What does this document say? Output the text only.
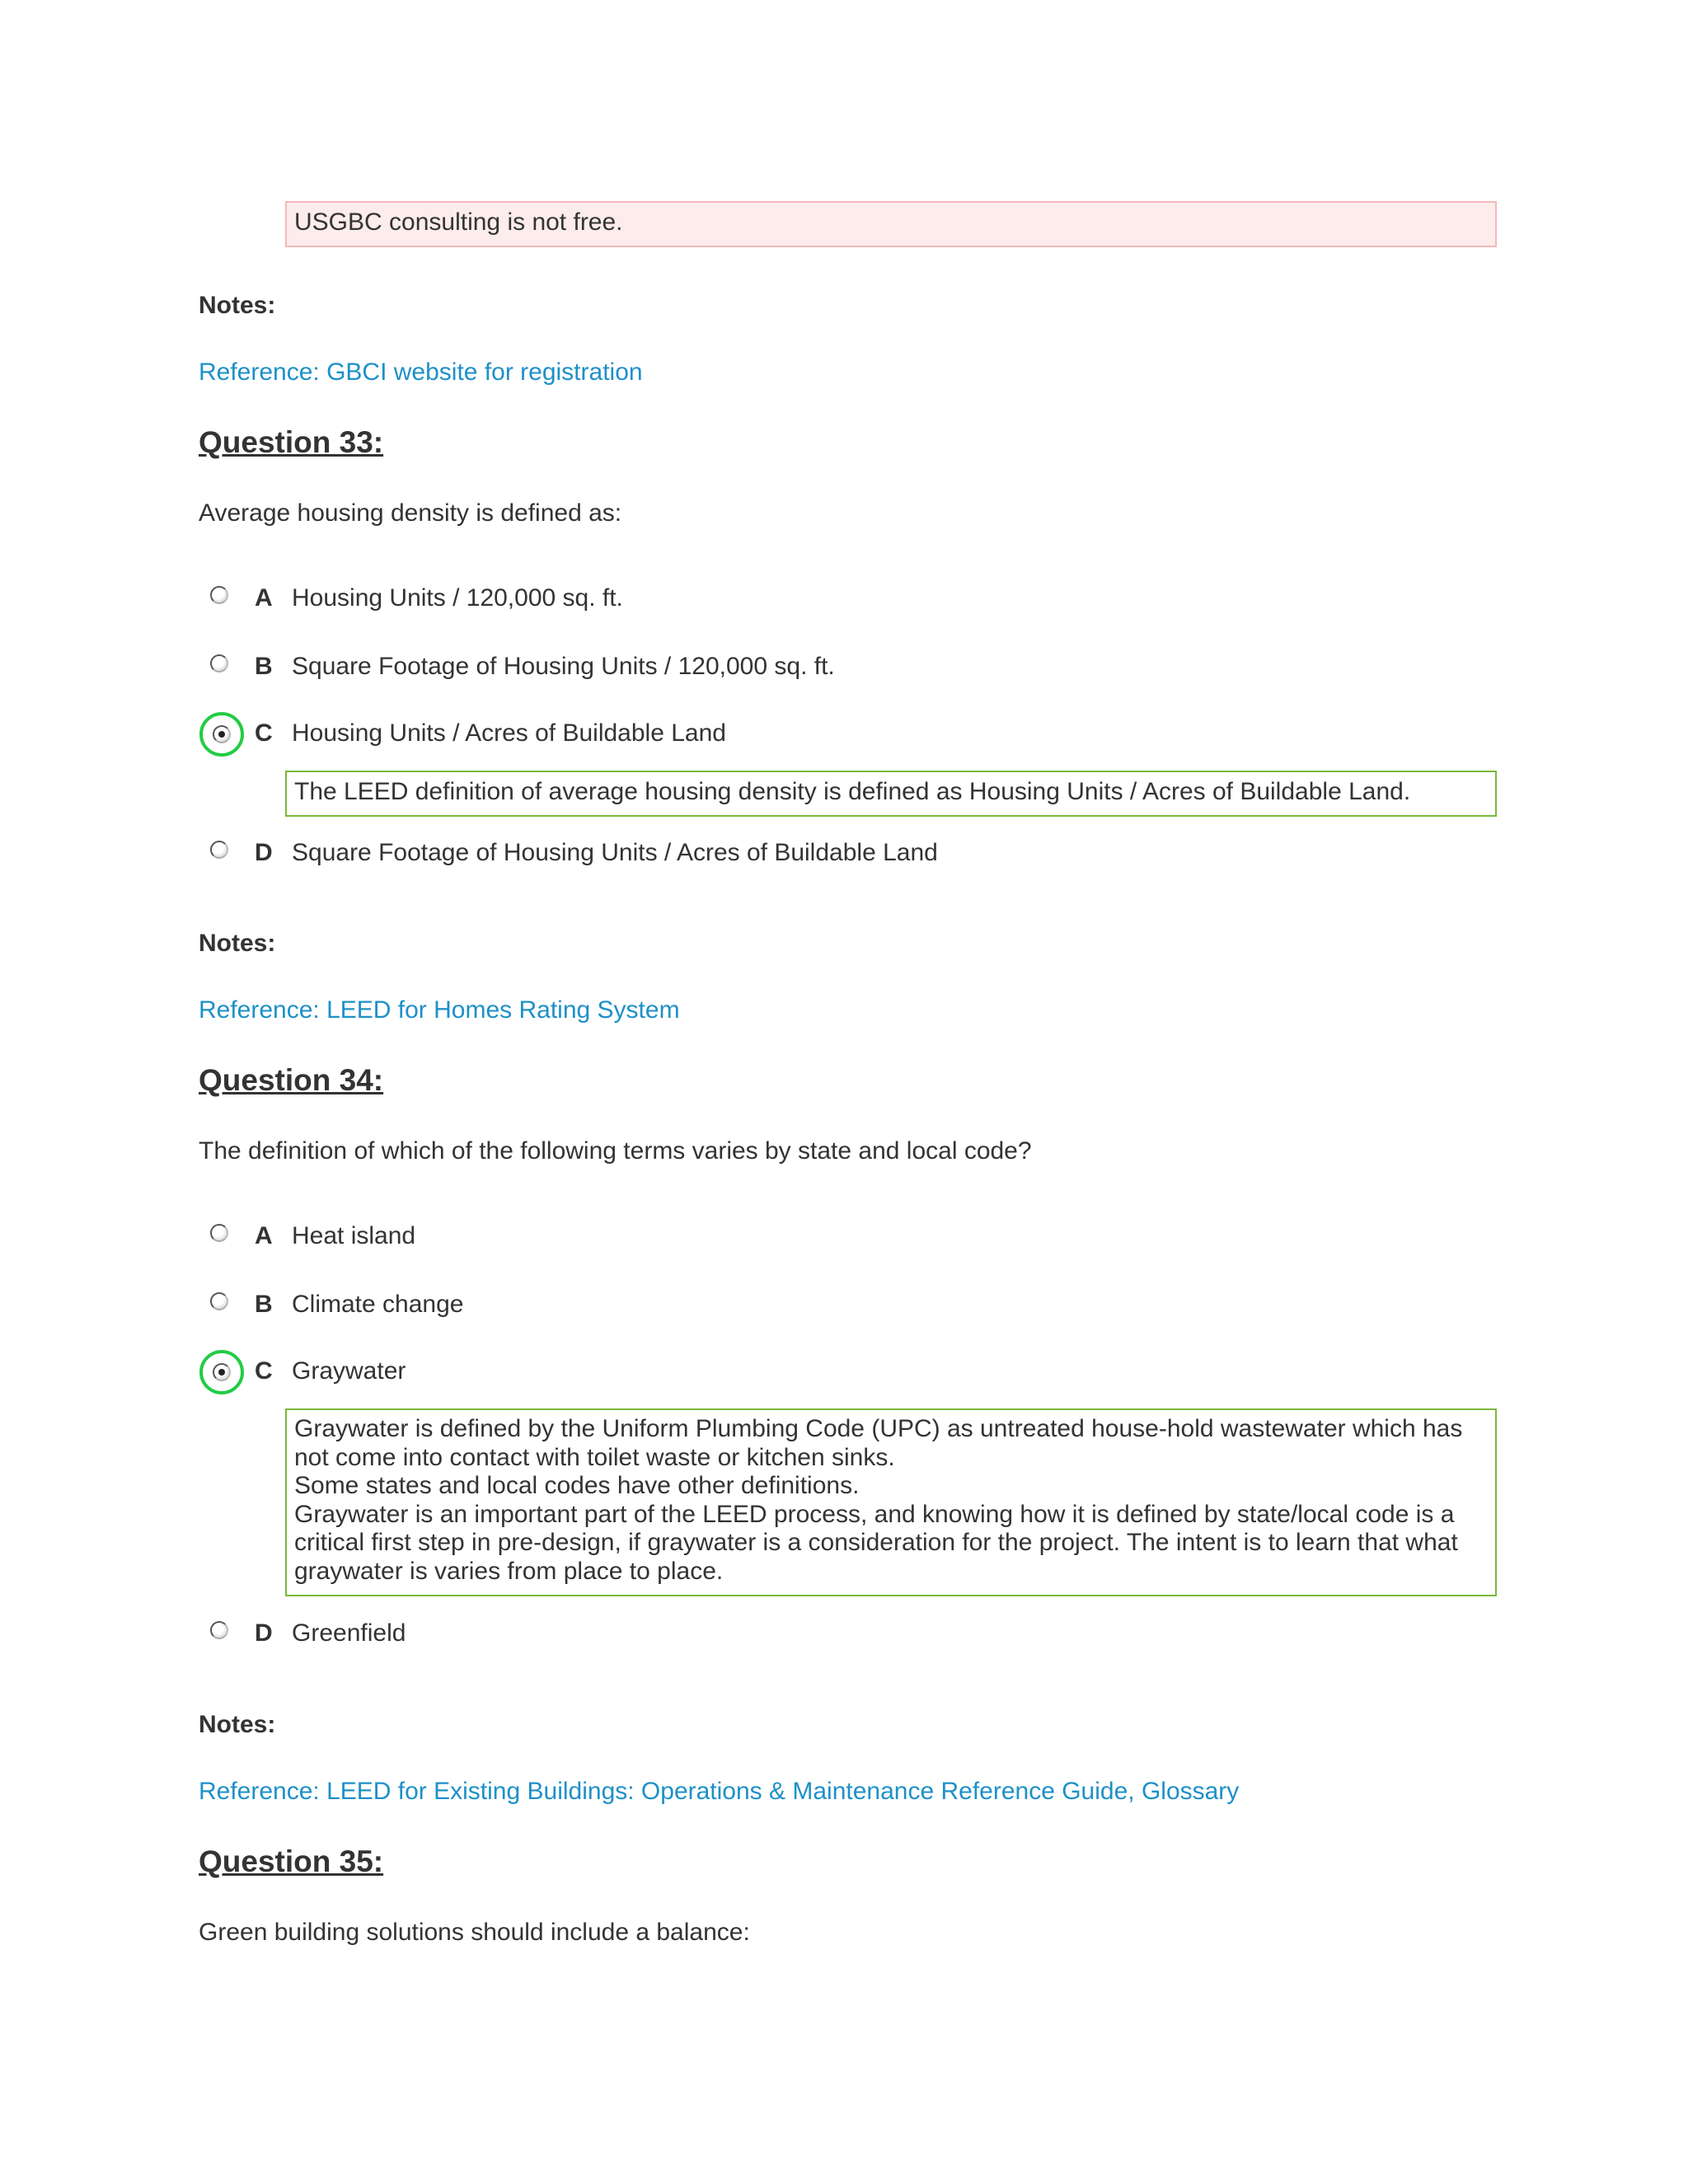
USGBC consulting is not free.
Notes:
Reference: GBCI website for registration
Question 33:
Average housing density is defined as:
A Housing Units / 120,000 sq. ft.
B Square Footage of Housing Units / 120,000 sq. ft.
C Housing Units / Acres of Buildable Land
The LEED definition of average housing density is defined as Housing Units / Acres of Buildable Land.
D Square Footage of Housing Units / Acres of Buildable Land
Notes:
Reference: LEED for Homes Rating System
Question 34:
The definition of which of the following terms varies by state and local code?
A Heat island
B Climate change
C Graywater
Graywater is defined by the Uniform Plumbing Code (UPC) as untreated house-hold wastewater which has
not come into contact with toilet waste or kitchen sinks.
Some states and local codes have other definitions.
Graywater is an important part of the LEED process, and knowing how it is defined by state/local code is a
critical first step in pre-design, if graywater is a consideration for the project. The intent is to learn that what
graywater is varies from place to place.
D Greenfield
Notes:
Reference: LEED for Existing Buildings: Operations & Maintenance Reference Guide, Glossary
Question 35:
Green building solutions should include a balance:
